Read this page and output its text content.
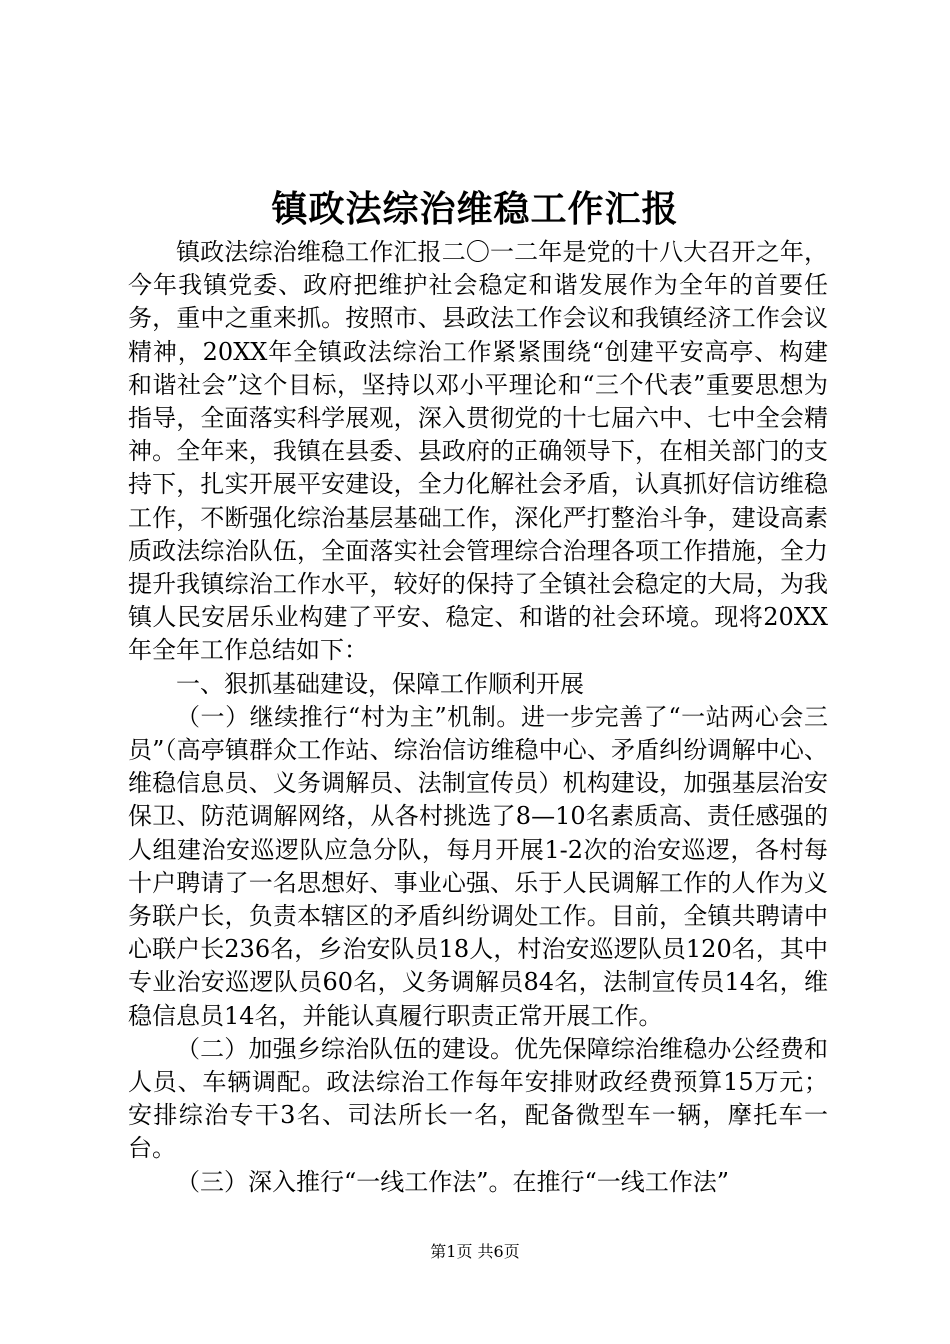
镇政法综治维稳工作汇报

镇政法综治维稳工作汇报二〇一二年是党的十八大召开之年，今年我镇党委、政府把维护社会稳定和谐发展作为全年的首要任务，重中之重来抓。按照市、县政法工作会议和我镇经济工作会议精神，20XX年全镇政法综治工作紧紧围绕“创建平安高亭、构建和谐社会”这个目标，坚持以邓小平理论和“三个代表”重要思想为指导，全面落实科学展观，深入贯彻党的十七届六中、七中全会精神。全年来，我镇在县委、县政府的正确领导下，在相关部门的支持下，扎实开展平安建设，全力化解社会矛盾，认真抓好信访维稳工作，不断强化综治基层基础工作，深化严打整治斗争，建设高素质政法综治队伍，全面落实社会管理综合治理各项工作措施，全力提升我镇综治工作水平，较好的保持了全镇社会稳定的大局，为我镇人民安居乐业构建了平安、稳定、和谐的社会环境。现将20XX年全年工作总结如下：

一、狠抓基础建设，保障工作顺利开展

（一）继续推行“村为主”机制。进一步完善了“一站两心会三员”（高亭镇群众工作站、综治信访维稳中心、矛盾纠纷调解中心、维稳信息员、义务调解员、法制宣传员）机构建设，加强基层治安保卫、防范调解网络，从各村挑选了8—10名素质高、责任感强的人组建治安巡逻队应急分队，每月开展1-2次的治安巡逻，各村每十户聘请了一名思想好、事业心强、乐于人民调解工作的人作为义务联户长，负责本辖区的矛盾纠纷调处工作。目前，全镇共聘请中心联户长236名，乡治安队员18人，村治安巡逻队员120名，其中专业治安巡逻队员60名，义务调解员84名，法制宣传员14名，维稳信息员14名，并能认真履行职责正常开展工作。

（二）加强乡综治队伍的建设。优先保障综治维稳办公经费和人员、车辆调配。政法综治工作每年安排财政经费预算15万元；安排综治专干3名、司法所长一名，配备微型车一辆，摩托车一台。

（三）深入推行“一线工作法”。在推行“一线工作法”

第1页 共6页
